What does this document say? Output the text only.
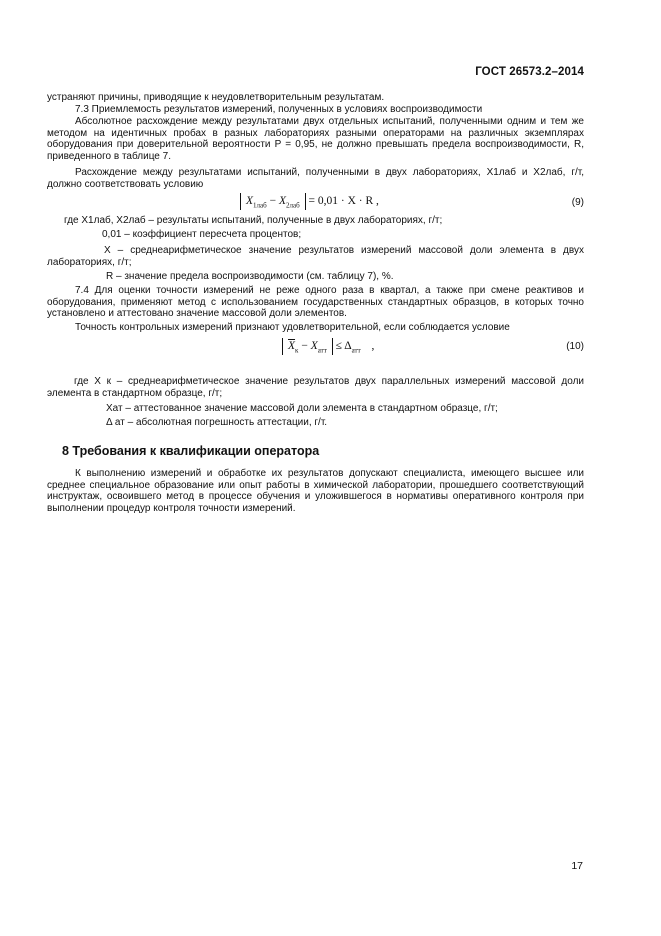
ГОСТ 26573.2–2014
устраняют причины, приводящие к неудовлетворительным результатам.
7.3 Приемлемость результатов измерений, полученных в условиях воспроизводимости
Абсолютное расхождение между результатами двух отдельных испытаний, полученными одним и тем же методом на идентичных пробах в разных лабораториях разными операторами на различных экземплярах оборудования при доверительной вероятности P = 0,95, не должно превышать предела воспроизводимости, R, приведенного в таблице 7.
Расхождение между результатами испытаний, полученными в двух лабораториях, X1лаб и X2лаб, г/т, должно соответствовать условию
$X_{1лаб} - X_{2лаб} = 0,01 \cdot X \cdot R$ ,	(9)
где X1лаб, X2лаб – результаты испытаний, полученные в двух лабораториях, г/т;
0,01 – коэффициент пересчета процентов;
X – среднеарифметическое значение результатов измерений массовой доли элемента в двух лабораториях, г/т;
R – значение предела воспроизводимости (см. таблицу 7), %.
7.4 Для оценки точности измерений не реже одного раза в квартал, а также при смене реактивов и оборудования, применяют метод с использованием государственных стандартных образцов, в которых точно установлено и аттестовано значение массовой доли элементов.
Точность контрольных измерений признают удовлетворительной, если соблюдается условие
$\overline{X}_к - X_{атт} \le \Delta_{атт}$ ,	(10)
где X к – среднеарифметическое значение результатов двух параллельных измерений массовой доли элемента в стандартном образце, г/т;
Xат – аттестованное значение массовой доли элемента в стандартном образце, г/т;
Δ ат – абсолютная погрешность аттестации, г/т.
8 Требования к квалификации оператора
К выполнению измерений и обработке их результатов допускают специалиста, имеющего высшее или среднее специальное образование или опыт работы в химической лаборатории, прошедшего соответствующий инструктаж, освоившего метод в процессе обучения и уложившегося в нормативы оперативного контроля при выполнении процедур контроля точности измерений.
17
